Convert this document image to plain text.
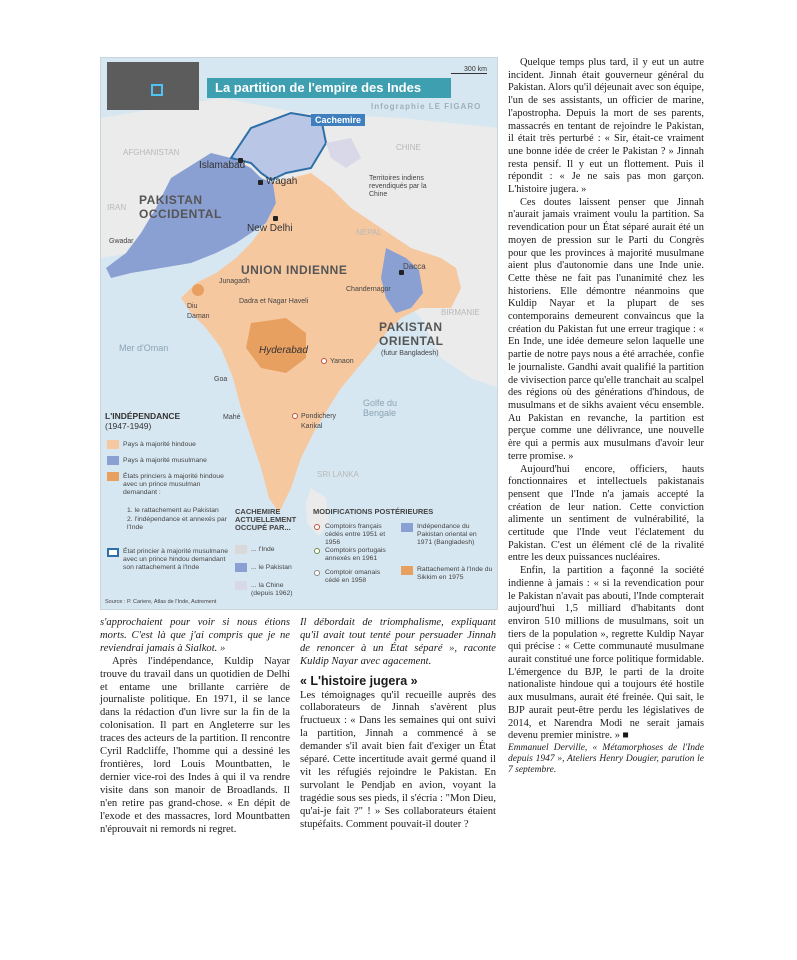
La partition de l'empire des Indes
300 km
Infographie LE FIGARO
Cachemire
PAKISTAN OCCIDENTAL
UNION INDIENNE
PAKISTAN ORIENTAL
(futur Bangladesh)
AFGHANISTAN
IRAN
CHINE
NÉPAL
BIRMANIE
SRI LANKA
Mer d'Oman
Golfe du Bengale
Islamabad
Wagah
New Delhi
Gwadar
Junagadh
Diu
Daman
Dadra et Nagar Haveli
Hyderabad
Goa
Yanaon
Mahé	Pondichery
Karikal
Chandernagor
Dacca
Territoires indiens revendiqués par la Chine
L'INDÉPENDANCE
(1947-1949)
Pays à majorité hindoue
Pays à majorité musulmane
États princiers à majorité hindoue avec un prince musulman demandant :
1. le rattachement au Pakistan
2. l'indépendance et annexés par l'Inde
État princier à majorité musulmane avec un prince hindou demandant son rattachement à l'Inde
Source : P. Cariere, Atlas de l'Inde, Autrement
CACHEMIRE ACTUELLEMENT OCCUPÉ PAR...
... l'Inde
... le Pakistan
... la Chine (depuis 1962)
MODIFICATIONS POSTÉRIEURES
Comptoirs français cédés entre 1951 et 1956
Comptoirs portugais annexés en 1961
Comptoir omanais cédé en 1958
Indépendance du Pakistan oriental en 1971 (Bangladesh)
Rattachement à l'Inde du Sikkim en 1975

s'approchaient pour voir si nous étions morts. C'est là que j'ai compris que je ne reviendrai jamais à Sialkot. »

Après l'indépendance, Kuldip Nayar trouve du travail dans un quotidien de Delhi et entame une brillante carrière de journaliste politique. En 1971, il se lance dans la rédaction d'un livre sur la fin de la colonisation. Il part en Angleterre sur les traces des acteurs de la partition. Il rencontre Cyril Radcliffe, l'homme qui a dessiné les frontières, lord Louis Mountbatten, le dernier vice-roi des Indes à qui il va rendre visite dans son manoir de Broadlands. Il n'en retire pas grand-chose. « En dépit de l'exode et des massacres, lord Mountbatten n'éprouvait ni remords ni regret.

Il débordait de triomphalisme, expliquant qu'il avait tout tenté pour persuader Jinnah de renoncer à un État séparé », raconte Kuldip Nayar avec agacement.

« L'histoire jugera »

Les témoignages qu'il recueille auprès des collaborateurs de Jinnah s'avèrent plus fructueux : « Dans les semaines qui ont suivi la partition, Jinnah a commencé à se demander s'il avait bien fait d'exiger un État séparé. Cette incertitude avait germé quand il vit les réfugiés rejoindre le Pakistan. En survolant le Pendjab en avion, voyant la tragédie sous ses pieds, il s'écria : "Mon Dieu, qu'ai-je fait ?" ! » Ses collaborateurs étaient stupéfaits. Comment pouvait-il douter ?

Quelque temps plus tard, il y eut un autre incident. Jinnah était gouverneur général du Pakistan. Alors qu'il déjeunait avec son équipe, l'un de ses assistants, un officier de marine, l'apostropha. Depuis la mort de ses parents, massacrés en tentant de rejoindre le Pakistan, il était très perturbé : « Sir, était-ce vraiment une bonne idée de créer le Pakistan ? » Jinnah resta pensif. Il y eut un flottement. Puis il répondit : « Je ne sais pas mon garçon. L'histoire jugera. »

Ces doutes laissent penser que Jinnah n'aurait jamais vraiment voulu la partition. Sa revendication pour un État séparé aurait été un moyen de pression sur le Parti du Congrès pour que les provinces à majorité musulmane aient plus d'autonomie dans une Inde unie. Cette thèse ne fait pas l'unanimité chez les historiens. Elle démontre néanmoins que Kuldip Nayar et la plupart de ses contemporains demeurent convaincus que la création du Pakistan fut une erreur tragique : « En Inde, une idée demeure selon laquelle une partie de notre pays nous a été arrachée, confie le journaliste. Gandhi avait qualifié la partition de vivisection parce qu'elle tranchait au scalpel des régions où des générations d'hindous, de musulmans et de sikhs avaient vécu ensemble. Au Pakistan en revanche, la partition est perçue comme une délivrance, une nouvelle ère qui a permis aux musulmans d'avoir leur terre promise. »

Aujourd'hui encore, officiers, hauts fonctionnaires et intellectuels pakistanais pensent que l'Inde n'a jamais accepté la création de leur nation. Cette conviction alimente un sentiment de vulnérabilité, la certitude que l'Inde veut l'éclatement du Pakistan. C'est un élément clé de la rivalité entre les deux puissances nucléaires.

Enfin, la partition a façonné la société indienne à jamais : « si la revendication pour le Pakistan n'avait pas abouti, l'Inde compterait aujourd'hui 1,5 milliard d'habitants dont environ 510 millions de musulmans, soit un tiers de la population », regrette Kuldip Nayar qui précise : « Cette communauté musulmane aurait constitué une force politique formidable. L'émergence du BJP, le parti de la droite nationaliste hindoue qui a toujours été hostile aux musulmans, aurait été freinée. Qui sait, le BJP aurait peut-être perdu les législatives de 2014, et Narendra Modi ne serait jamais devenu premier ministre. » ■

Emmanuel Derville, « Métamorphoses de l'Inde depuis 1947 », Ateliers Henry Dougier, parution le 7 septembre.
